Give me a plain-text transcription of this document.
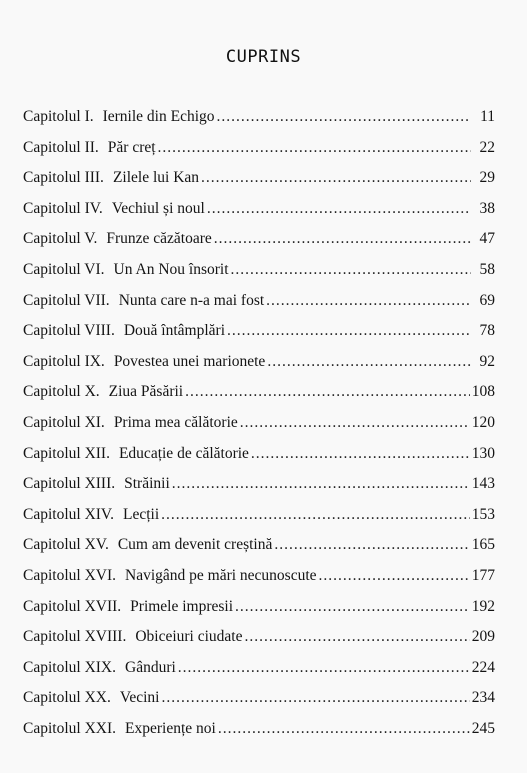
CUPRINS
Capitolul I. Iernile din Echigo .....	11
Capitolul II. Păr creț .....	22
Capitolul III. Zilele lui Kan .....	29
Capitolul IV. Vechiul și noul .....	38
Capitolul V. Frunze căzătoare .....	47
Capitolul VI. Un An Nou însorit .....	58
Capitolul VII. Nunta care n-a mai fost .....	69
Capitolul VIII. Două întâmplări .....	78
Capitolul IX. Povestea unei marionete .....	92
Capitolul X. Ziua Păsării .....	108
Capitolul XI. Prima mea călătorie .....	120
Capitolul XII. Educație de călătorie .....	130
Capitolul XIII. Străinii .....	143
Capitolul XIV. Lecții .....	153
Capitolul XV. Cum am devenit creștină .....	165
Capitolul XVI. Navigând pe mări necunoscute .....	177
Capitolul XVII. Primele impresii .....	192
Capitolul XVIII. Obiceiuri ciudate .....	209
Capitolul XIX. Gânduri .....	224
Capitolul XX. Vecini .....	234
Capitolul XXI. Experiențe noi .....	245
